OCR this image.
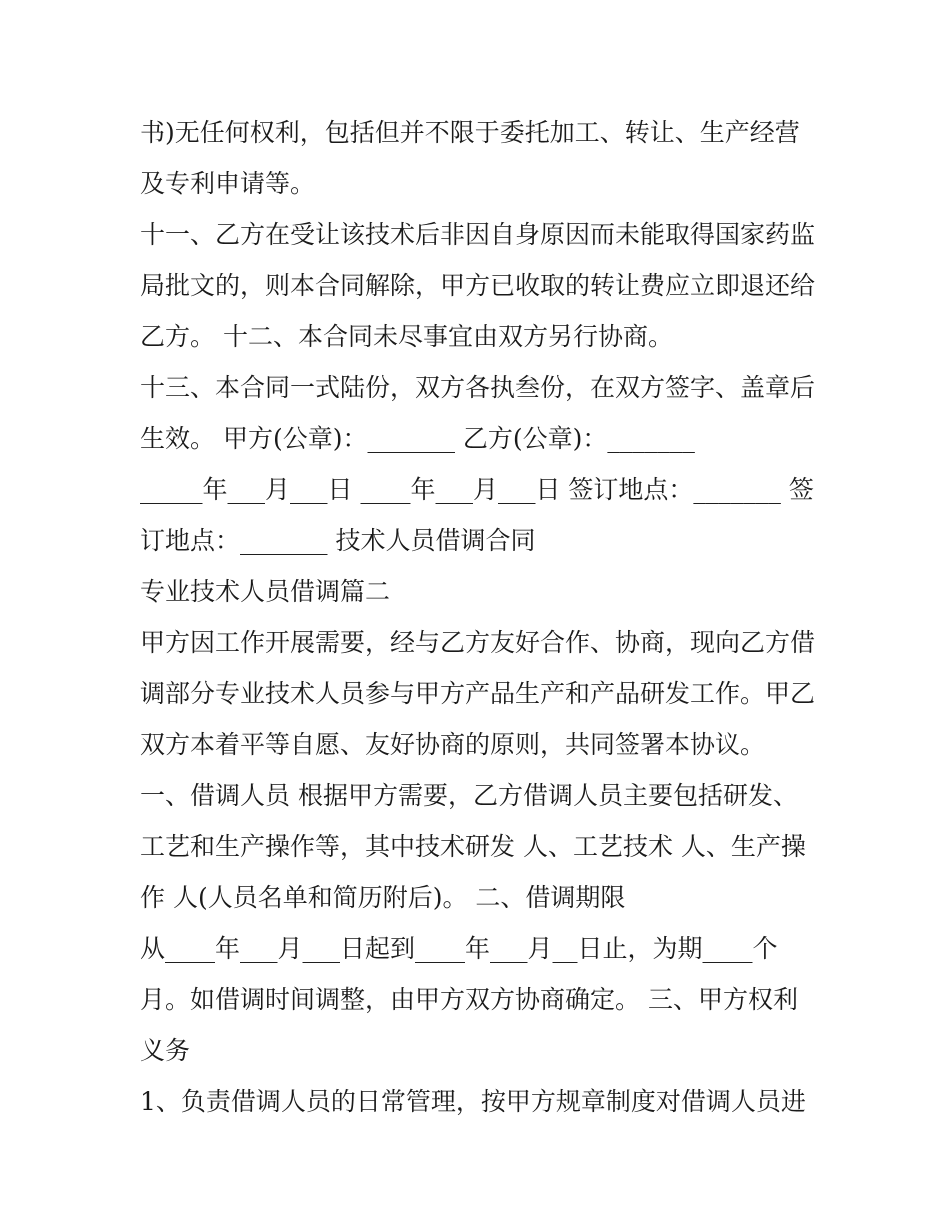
书)无任何权利，包括但并不限于委托加工、转让、生产经营

及专利申请等。

十一、乙方在受让该技术后非因自身原因而未能取得国家药监

局批文的，则本合同解除，甲方已收取的转让费应立即退还给

乙方。 十二、本合同未尽事宜由双方另行协商。

十三、本合同一式陆份，双方各执叁份，在双方签字、盖章后

生效。 甲方(公章)：_______ 乙方(公章)：_______

_____年___月___日 ____年___月___日 签订地点：_______ 签

订地点：_______ 技术人员借调合同

专业技术人员借调篇二

甲方因工作开展需要，经与乙方友好合作、协商，现向乙方借

调部分专业技术人员参与甲方产品生产和产品研发工作。甲乙

双方本着平等自愿、友好协商的原则，共同签署本协议。

一、借调人员 根据甲方需要，乙方借调人员主要包括研发、

工艺和生产操作等，其中技术研发 人、工艺技术 人、生产操

作 人(人员名单和简历附后)。 二、借调期限

从____年___月___日起到____年___月__日止，为期____个

月。如借调时间调整，由甲方双方协商确定。 三、甲方权利

义务

1、负责借调人员的日常管理，按甲方规章制度对借调人员进
